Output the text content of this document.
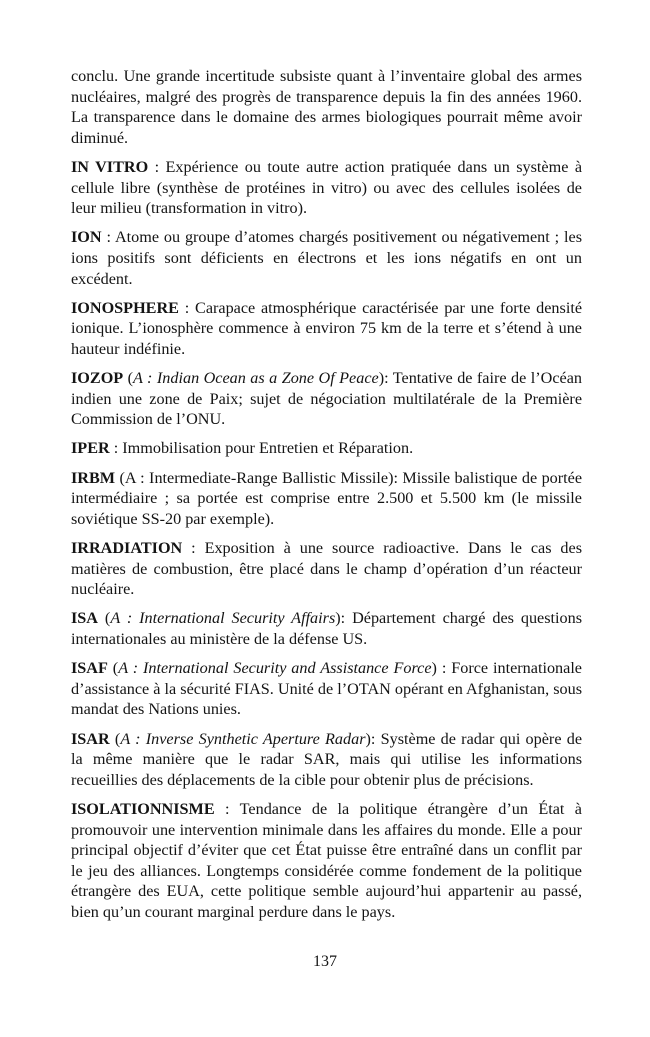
conclu. Une grande incertitude subsiste quant à l’inventaire global des armes nucléaires, malgré des progrès de transparence depuis la fin des années 1960. La transparence dans le domaine des armes biologiques pourrait même avoir diminué.

IN VITRO : Expérience ou toute autre action pratiquée dans un système à cellule libre (synthèse de protéines in vitro) ou avec des cellules isolées de leur milieu (transformation in vitro).

ION : Atome ou groupe d’atomes chargés positivement ou négativement ; les ions positifs sont déficients en électrons et les ions négatifs en ont un excédent.

IONOSPHERE : Carapace atmosphérique caractérisée par une forte densité ionique. L’ionosphère commence à environ 75 km de la terre et s’étend à une hauteur indéfinie.

IOZOP (A : Indian Ocean as a Zone Of Peace): Tentative de faire de l’Océan indien une zone de Paix; sujet de négociation multilatérale de la Première Commission de l’ONU.

IPER : Immobilisation pour Entretien et Réparation.

IRBM (A : Intermediate-Range Ballistic Missile): Missile balistique de portée intermédiaire ; sa portée est comprise entre 2.500 et 5.500 km (le missile soviétique SS-20 par exemple).

IRRADIATION : Exposition à une source radioactive. Dans le cas des matières de combustion, être placé dans le champ d’opération d’un réacteur nucléaire.

ISA (A : International Security Affairs): Département chargé des questions internationales au ministère de la défense US.

ISAF (A : International Security and Assistance Force) : Force internationale d’assistance à la sécurité FIAS. Unité de l’OTAN opérant en Afghanistan, sous mandat des Nations unies.

ISAR (A : Inverse Synthetic Aperture Radar): Système de radar qui opère de la même manière que le radar SAR, mais qui utilise les informations recueillies des déplacements de la cible pour obtenir plus de précisions.

ISOLATIONNISME : Tendance de la politique étrangère d’un État à promouvoir une intervention minimale dans les affaires du monde. Elle a pour principal objectif d’éviter que cet État puisse être entraîné dans un conflit par le jeu des alliances. Longtemps considérée comme fondement de la politique étrangère des EUA, cette politique semble aujourd’hui appartenir au passé, bien qu’un courant marginal perdure dans le pays.

137
